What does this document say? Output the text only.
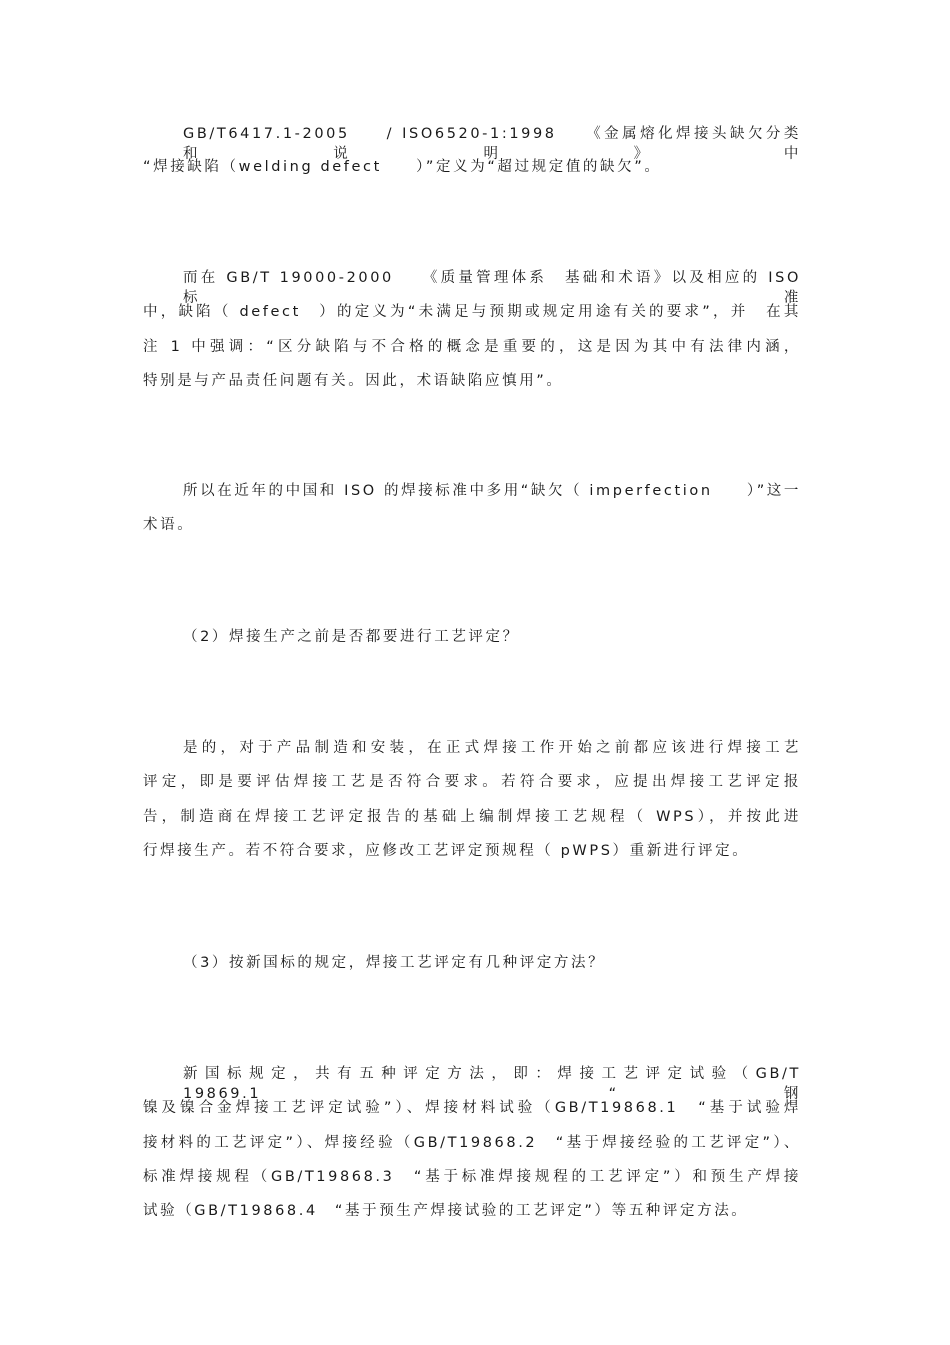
GB/T6417.1-2005　　/ ISO6520-1:1998　　《金属熔化焊接头缺欠分类和说明》中

“焊接缺陷（welding defect　　）”定义为“超过规定值的缺欠”。

而在 GB/T 19000-2000　　《质量管理体系　基础和术语》以及相应的 ISO 标准

中，缺陷（ defect　）的定义为“未满足与预期或规定用途有关的要求”，并　在其

注 1 中强调：“区分缺陷与不合格的概念是重要的，这是因为其中有法律内涵，

特别是与产品责任问题有关。因此，术语缺陷应慎用”。

所以在近年的中国和 ISO 的焊接标准中多用“缺欠（ imperfection　　）”这一

术语。

（2）焊接生产之前是否都要进行工艺评定？

是的，对于产品制造和安装，在正式焊接工作开始之前都应该进行焊接工艺

评定，即是要评估焊接工艺是否符合要求。若符合要求，应提出焊接工艺评定报

告，制造商在焊接工艺评定报告的基础上编制焊接工艺规程（ WPS），并按此进

行焊接生产。若不符合要求，应修改工艺评定预规程（ pWPS）重新进行评定。

（3）按新国标的规定，焊接工艺评定有几种评定方法？

新国标规定，共有五种评定方法，即：焊接工艺评定试验（GB/T　19869.1　“钢

镍及镍合金焊接工艺评定试验”）、焊接材料试验（GB/T19868.1　“基于试验焊

接材料的工艺评定”）、焊接经验（GB/T19868.2　“基于焊接经验的工艺评定”）、

标准焊接规程（GB/T19868.3　“基于标准焊接规程的工艺评定”）和预生产焊接

试验（GB/T19868.4　“基于预生产焊接试验的工艺评定”）等五种评定方法。
